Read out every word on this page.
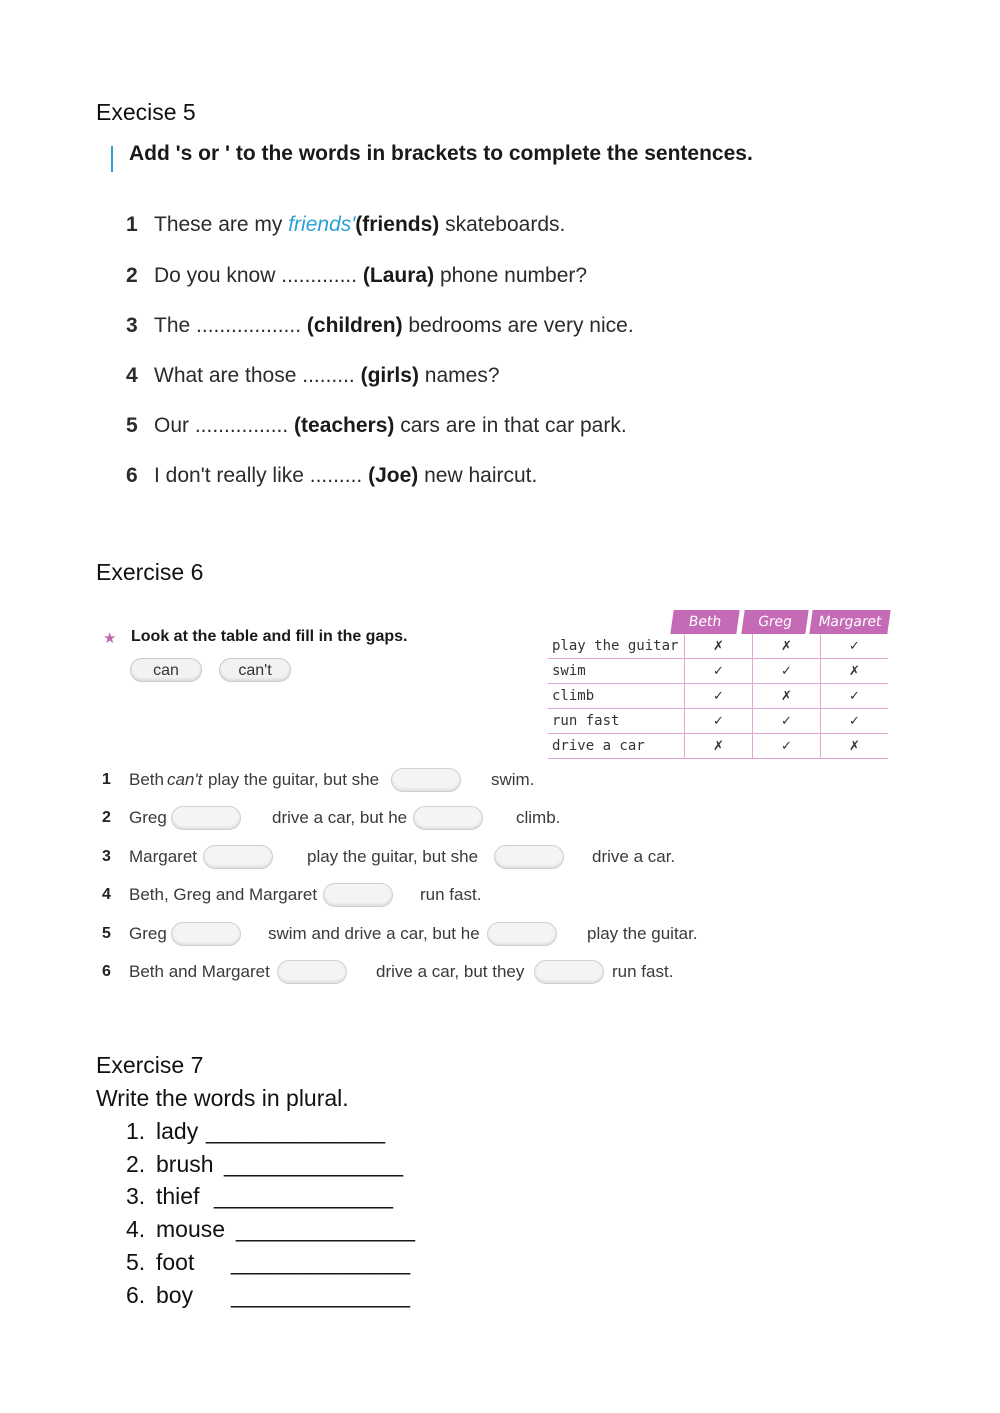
Execise 5
Add 's or ' to the words in brackets to complete the sentences.
1 These are my friends'(friends) skateboards.
2 Do you know ............. (Laura) phone number?
3 The .................. (children) bedrooms are very nice.
4 What are those ......... (girls) names?
5 Our ................ (teachers) cars are in that car park.
6 I don't really like ......... (Joe) new haircut.
Exercise 6
★ Look at the table and fill in the gaps.
can	can't
Beth	Greg	Margaret
play the guitar	✗	✗	✓
swim	✓	✓	✗
climb	✓	✗	✓
run fast	✓	✓	✓
drive a car	✗	✓	✗
1 Beth can't play the guitar, but she	swim.
2 Greg	drive a car, but he	climb.
3 Margaret	play the guitar, but she	drive a car.
4 Beth, Greg and Margaret	run fast.
5 Greg	swim and drive a car, but he	play the guitar.
6 Beth and Margaret	drive a car, but they	run fast.
Exercise 7
Write the words in plural.
1. lady ______________
2. brush ______________
3. thief ______________
4. mouse ______________
5. foot ______________
6. boy ______________
